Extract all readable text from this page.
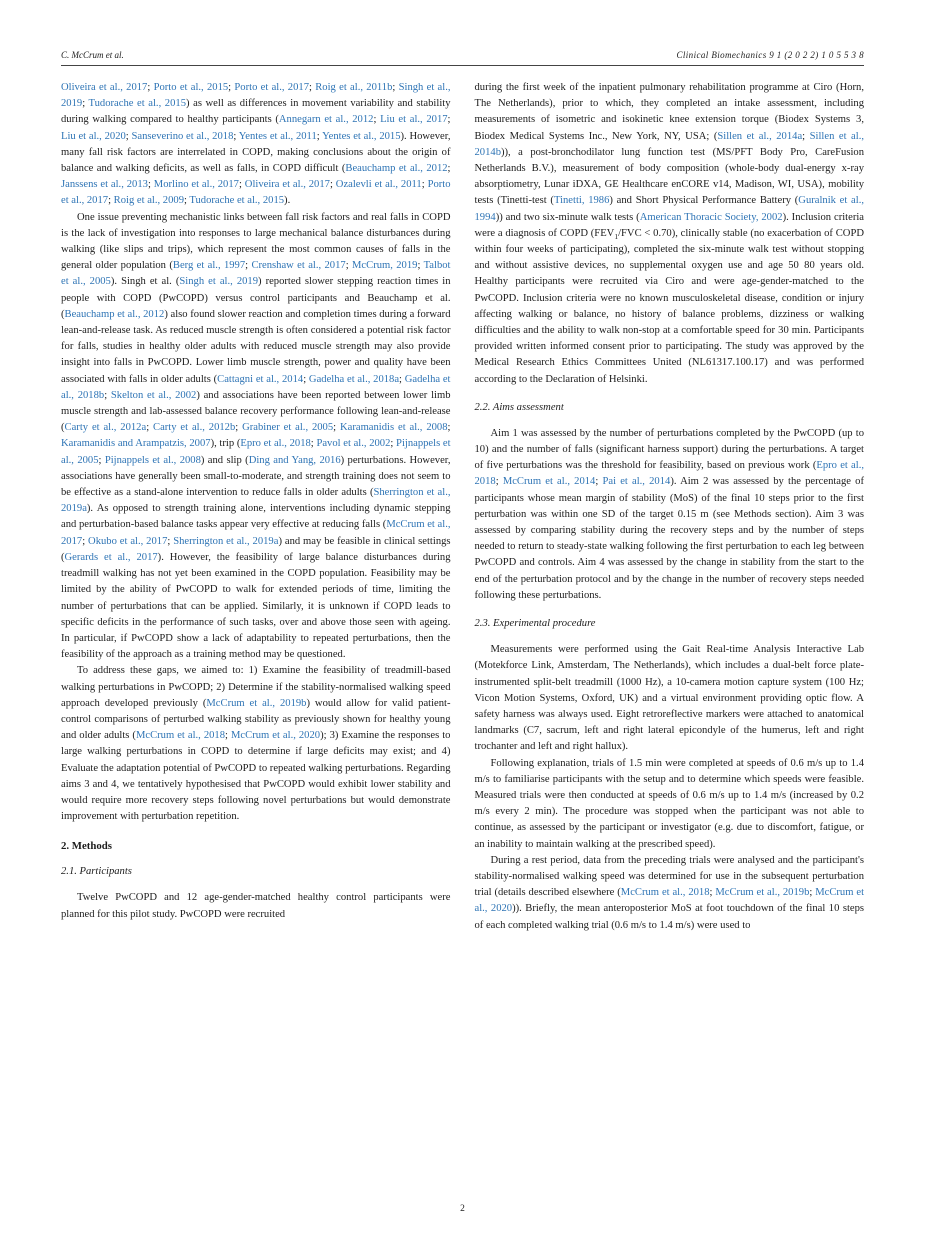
C. McCrum et al.	Clinical Biomechanics 9 1 (2 0 2 2) 1 0 5 5 3 8

Oliveira et al., 2017; Porto et al., 2015; Porto et al., 2017; Roig et al., 2011b; Singh et al., 2019; Tudorache et al., 2015) as well as differences in movement variability and stability during walking compared to healthy participants (Annegarn et al., 2012; Liu et al., 2017; Liu et al., 2020; Sanseverino et al., 2018; Yentes et al., 2011; Yentes et al., 2015). However, many fall risk factors are interrelated in COPD, making conclusions about the origin of balance and walking deficits, as well as falls, in COPD difficult (Beauchamp et al., 2012; Janssens et al., 2013; Morlino et al., 2017; Oliveira et al., 2017; Ozalevli et al., 2011; Porto et al., 2017; Roig et al., 2009; Tudorache et al., 2015).

One issue preventing mechanistic links between fall risk factors and real falls in COPD is the lack of investigation into responses to large mechanical balance disturbances during walking (like slips and trips), which represent the most common causes of falls in the general older population (Berg et al., 1997; Crenshaw et al., 2017; McCrum, 2019; Talbot et al., 2005). Singh et al. (Singh et al., 2019) reported slower stepping reaction times in people with COPD (PwCOPD) versus control participants and Beauchamp et al. (Beauchamp et al., 2012) also found slower reaction and completion times during a forward lean-and-release task. As reduced muscle strength is often considered a potential risk factor for falls, studies in healthy older adults with reduced muscle strength may also provide insight into falls in PwCOPD. Lower limb muscle strength, power and quality have been associated with falls in older adults (Cattagni et al., 2014; Gadelha et al., 2018a; Gadelha et al., 2018b; Skelton et al., 2002) and associations have been reported between lower limb muscle strength and lab-assessed balance recovery performance following lean-and-release (Carty et al., 2012a; Carty et al., 2012b; Grabiner et al., 2005; Karamanidis et al., 2008; Karamanidis and Arampatzis, 2007), trip (Epro et al., 2018; Pavol et al., 2002; Pijnappels et al., 2005; Pijnappels et al., 2008) and slip (Ding and Yang, 2016) perturbations. However, associations have generally been small-to-moderate, and strength training does not seem to be effective as a stand-alone intervention to reduce falls in older adults (Sherrington et al., 2019a). As opposed to strength training alone, interventions including dynamic stepping and perturbation-based balance tasks appear very effective at reducing falls (McCrum et al., 2017; Okubo et al., 2017; Sherrington et al., 2019a) and may be feasible in clinical settings (Gerards et al., 2017). However, the feasibility of large balance disturbances during treadmill walking has not yet been examined in the COPD population. Feasibility may be limited by the ability of PwCOPD to walk for extended periods of time, limiting the number of perturbations that can be applied. Similarly, it is unknown if COPD leads to specific deficits in the performance of such tasks, over and above those seen with ageing. In particular, if PwCOPD show a lack of adaptability to repeated perturbations, then the feasibility of the approach as a training method may be questioned.

To address these gaps, we aimed to: 1) Examine the feasibility of treadmill-based walking perturbations in PwCOPD; 2) Determine if the stability-normalised walking speed approach developed previously (McCrum et al., 2019b) would allow for valid patient-control comparisons of perturbed walking stability as previously shown for healthy young and older adults (McCrum et al., 2018; McCrum et al., 2020); 3) Examine the responses to large walking perturbations in COPD to determine if large deficits may exist; and 4) Evaluate the adaptation potential of PwCOPD to repeated walking perturbations. Regarding aims 3 and 4, we tentatively hypothesised that PwCOPD would exhibit lower stability and would require more recovery steps following novel perturbations but would demonstrate improvement with perturbation repetition.

2. Methods
2.1. Participants

Twelve PwCOPD and 12 age-gender-matched healthy control participants were planned for this pilot study. PwCOPD were recruited

during the first week of the inpatient pulmonary rehabilitation programme at Ciro (Horn, The Netherlands), prior to which, they completed an intake assessment, including measurements of isometric and isokinetic knee extension torque (Biodex Systems 3, Biodex Medical Systems Inc., New York, NY, USA; (Sillen et al., 2014a; Sillen et al., 2014b)), a post-bronchodilator lung function test (MS/PFT Body Pro, CareFusion Netherlands B.V.), measurement of body composition (whole-body dual-energy x-ray absorptiometry, Lunar iDXA, GE Healthcare enCORE v14, Madison, WI, USA), mobility tests (Tinetti-test (Tinetti, 1986) and Short Physical Performance Battery (Guralnik et al., 1994)) and two six-minute walk tests (American Thoracic Society, 2002). Inclusion criteria were a diagnosis of COPD ($FEV_1$/FVC < 0.70), clinically stable (no exacerbation of COPD within four weeks of participating), completed the six-minute walk test without stopping and without assistive devices, no supplemental oxygen use and age 50 80 years old. Healthy participants were recruited via Ciro and were age-gender-matched to the PwCOPD. Inclusion criteria were no known musculoskeletal disease, condition or injury affecting walking or balance, no history of balance problems, dizziness or walking difficulties and the ability to walk non-stop at a comfortable speed for 30 min. Participants provided written informed consent prior to participating. The study was approved by the Medical Research Ethics Committees United (NL61317.100.17) and was performed according to the Declaration of Helsinki.

2.2. Aims assessment

Aim 1 was assessed by the number of perturbations completed by the PwCOPD (up to 10) and the number of falls (significant harness support) during the perturbations. A target of five perturbations was the threshold for feasibility, based on previous work (Epro et al., 2018; McCrum et al., 2014; Pai et al., 2014). Aim 2 was assessed by the percentage of participants whose mean margin of stability (MoS) of the final 10 steps prior to the first perturbation was within one SD of the target 0.15 m (see Methods section). Aim 3 was assessed by comparing stability during the recovery steps and by the number of steps needed to return to steady-state walking following the first perturbation to each leg between PwCOPD and controls. Aim 4 was assessed by the change in stability from the start to the end of the perturbation protocol and by the change in the number of recovery steps needed following these perturbations.

2.3. Experimental procedure

Measurements were performed using the Gait Real-time Analysis Interactive Lab (Motekforce Link, Amsterdam, The Netherlands), which includes a dual-belt force plate-instrumented split-belt treadmill (1000 Hz), a 10-camera motion capture system (100 Hz; Vicon Motion Systems, Oxford, UK) and a virtual environment providing optic flow. A safety harness was always used. Eight retroreflective markers were attached to anatomical landmarks (C7, sacrum, left and right lateral epicondyle of the humerus, left and right trochanter and left and right hallux).

Following explanation, trials of 1.5 min were completed at speeds of 0.6 m/s up to 1.4 m/s to familiarise participants with the setup and to determine which speeds were feasible. Measured trials were then conducted at speeds of 0.6 m/s up to 1.4 m/s (increased by 0.2 m/s every 2 min). The procedure was stopped when the participant was not able to continue, as assessed by the participant or investigator (e.g. due to discomfort, fatigue, or an inability to maintain walking at the prescribed speed).

During a rest period, data from the preceding trials were analysed and the participant's stability-normalised walking speed was determined for use in the subsequent perturbation trial (details described elsewhere (McCrum et al., 2018; McCrum et al., 2019b; McCrum et al., 2020)). Briefly, the mean anteroposterior MoS at foot touchdown of the final 10 steps of each completed walking trial (0.6 m/s to 1.4 m/s) were used to

2
